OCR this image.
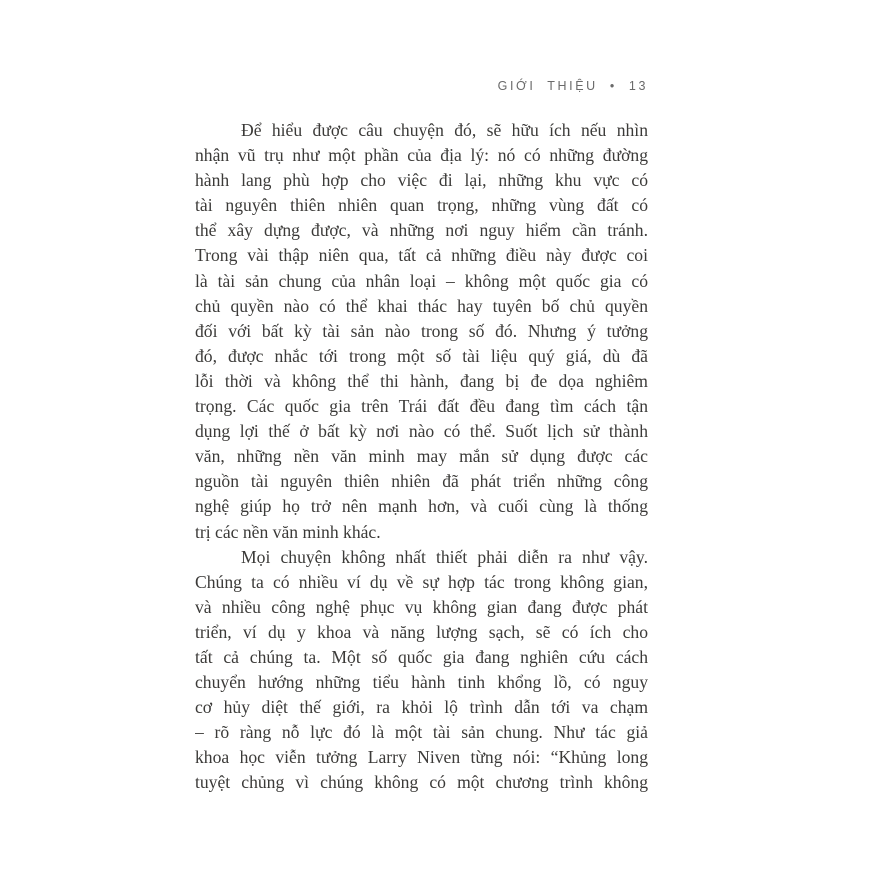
GIỚI THIỆU • 13
Để hiểu được câu chuyện đó, sẽ hữu ích nếu nhìn
nhận vũ trụ như một phần của địa lý: nó có những đường
hành lang phù hợp cho việc đi lại, những khu vực có
tài nguyên thiên nhiên quan trọng, những vùng đất có
thể xây dựng được, và những nơi nguy hiểm cần tránh.
Trong vài thập niên qua, tất cả những điều này được coi
là tài sản chung của nhân loại – không một quốc gia có
chủ quyền nào có thể khai thác hay tuyên bố chủ quyền
đối với bất kỳ tài sản nào trong số đó. Nhưng ý tưởng
đó, được nhắc tới trong một số tài liệu quý giá, dù đã
lỗi thời và không thể thi hành, đang bị đe dọa nghiêm
trọng. Các quốc gia trên Trái đất đều đang tìm cách tận
dụng lợi thế ở bất kỳ nơi nào có thể. Suốt lịch sử thành
văn, những nền văn minh may mắn sử dụng được các
nguồn tài nguyên thiên nhiên đã phát triển những công
nghệ giúp họ trở nên mạnh hơn, và cuối cùng là thống
trị các nền văn minh khác.
Mọi chuyện không nhất thiết phải diễn ra như vậy.
Chúng ta có nhiều ví dụ về sự hợp tác trong không gian,
và nhiều công nghệ phục vụ không gian đang được phát
triển, ví dụ y khoa và năng lượng sạch, sẽ có ích cho
tất cả chúng ta. Một số quốc gia đang nghiên cứu cách
chuyển hướng những tiểu hành tinh khổng lồ, có nguy
cơ hủy diệt thế giới, ra khỏi lộ trình dẫn tới va chạm
– rõ ràng nỗ lực đó là một tài sản chung. Như tác giả
khoa học viễn tưởng Larry Niven từng nói: “Khủng long
tuyệt chủng vì chúng không có một chương trình không
